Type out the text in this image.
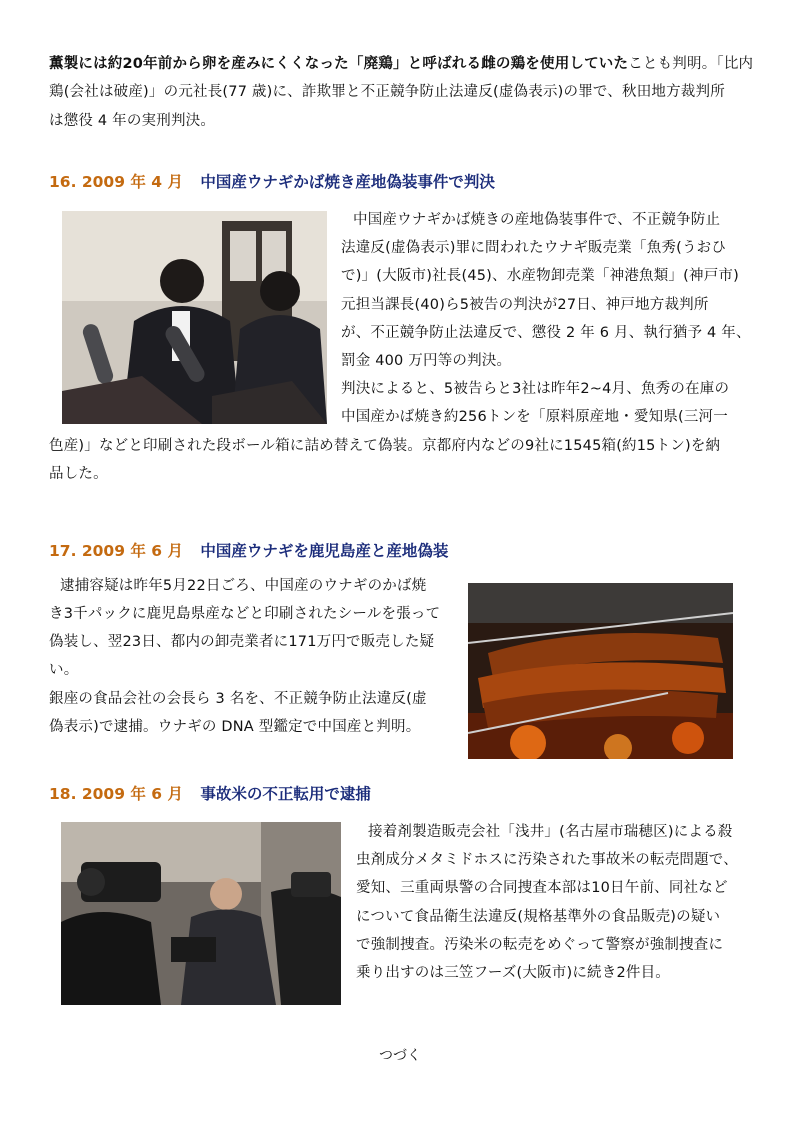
薫製には約20年前から卵を産みにくくなった「廃鶏」と呼ばれる雌の鶏を使用していたことも判明。「比内

鶏(会社は破産)」の元社長(77 歳)に、詐欺罪と不正競争防止法違反(虚偽表示)の罪で、秋田地方裁判所

は懲役 4 年の実刑判決。

16. 2009 年 4 月 中国産ウナギかば焼き産地偽装事件で判決

中国産ウナギかば焼きの産地偽装事件で、不正競争防止

法違反(虚偽表示)罪に問われたウナギ販売業「魚秀(うおひ

で)」(大阪市)社長(45)、水産物卸売業「神港魚類」(神戸市)

元担当課長(40)ら5被告の判決が27日、神戸地方裁判所

が、不正競争防止法違反で、懲役 2 年 6 月、執行猶予 4 年、

罰金 400 万円等の判決。

判決によると、5被告らと3社は昨年2~4月、魚秀の在庫の

中国産かば焼き約256トンを「原料原産地・愛知県(三河一

色産)」などと印刷された段ボール箱に詰め替えて偽装。京都府内などの9社に1545箱(約15トン)を納

品した。

17. 2009 年 6 月 中国産ウナギを鹿児島産と産地偽装

逮捕容疑は昨年5月22日ごろ、中国産のウナギのかば焼

き3千パックに鹿児島県産などと印刷されたシールを張って

偽装し、翌23日、都内の卸売業者に171万円で販売した疑

い。

銀座の食品会社の会長ら 3 名を、不正競争防止法違反(虚

偽表示)で逮捕。ウナギの DNA 型鑑定で中国産と判明。

18. 2009 年 6 月 事故米の不正転用で逮捕

接着剤製造販売会社「浅井」(名古屋市瑞穂区)による殺

虫剤成分メタミドホスに汚染された事故米の転売問題で、

愛知、三重両県警の合同捜査本部は10日午前、同社など

について食品衛生法違反(規格基準外の食品販売)の疑い

で強制捜査。汚染米の転売をめぐって警察が強制捜査に

乗り出すのは三笠フーズ(大阪市)に続き2件目。

つづく
